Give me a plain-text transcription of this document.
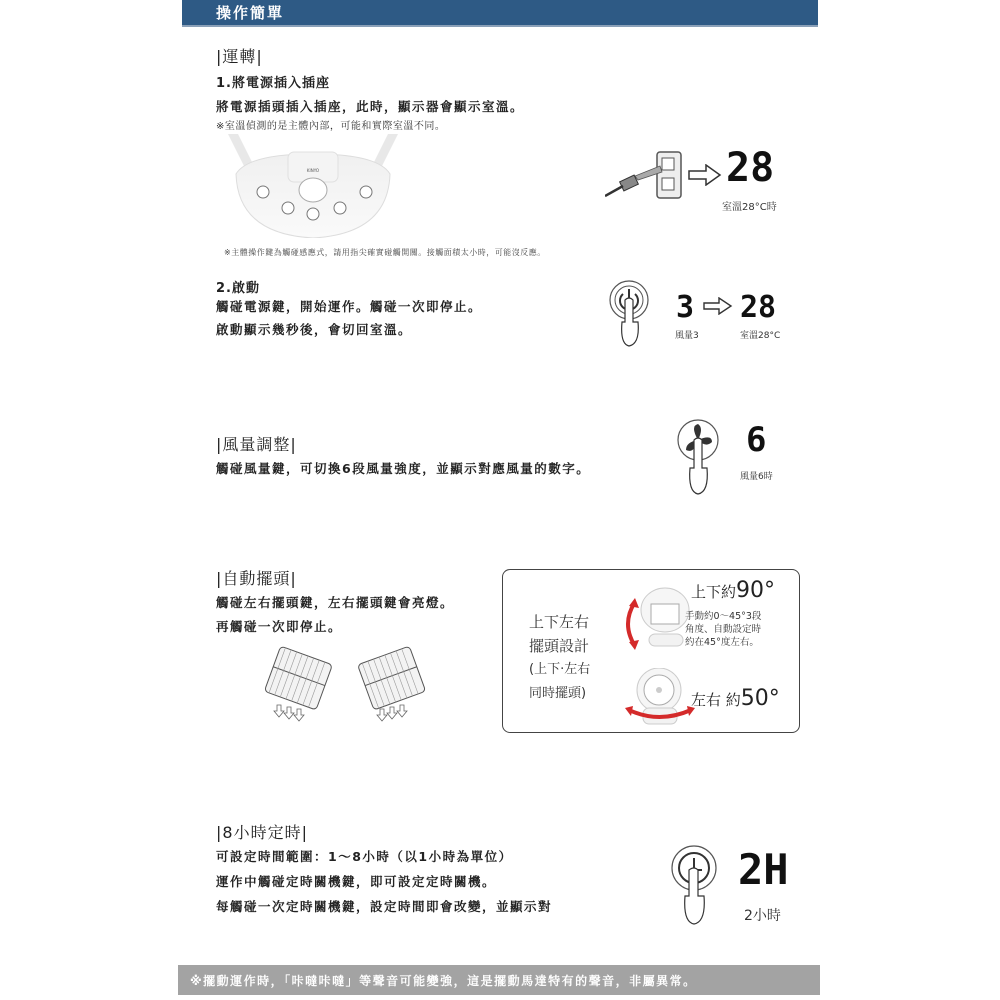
操作簡單
|運轉|
1.將電源插入插座
將電源插頭插入插座，此時，顯示器會顯示室溫。
※室溫偵測的是主體內部，可能和實際室溫不同。
KINYO	28
室溫28°C時
※主體操作鍵為觸碰感應式，請用指尖確實碰觸開關。接觸面積太小時，可能沒反應。
2.啟動
觸碰電源鍵，開始運作。觸碰一次即停止。
啟動顯示幾秒後，會切回室溫。
3 28
風量3	室溫28°C
|風量調整|
觸碰風量鍵，可切換6段風量強度，並顯示對應風量的數字。
6
風量6時
|自動擺頭|
觸碰左右擺頭鍵，左右擺頭鍵會亮燈。
再觸碰一次即停止。	上下左右
擺頭設計
(上下‧左右
同時擺頭)
上下約90°
手動約0～45°3段
角度、自動設定時
約在45°度左右。
左右 約50°
|8小時定時|
可設定時間範圍：1～8小時（以1小時為單位）
運作中觸碰定時關機鍵，即可設定定時關機。
每觸碰一次定時關機鍵，設定時間即會改變，並顯示對
2H
2小時
※擺動運作時，「咔噠咔噠」等聲音可能變強，這是擺動馬達特有的聲音，非屬異常。
